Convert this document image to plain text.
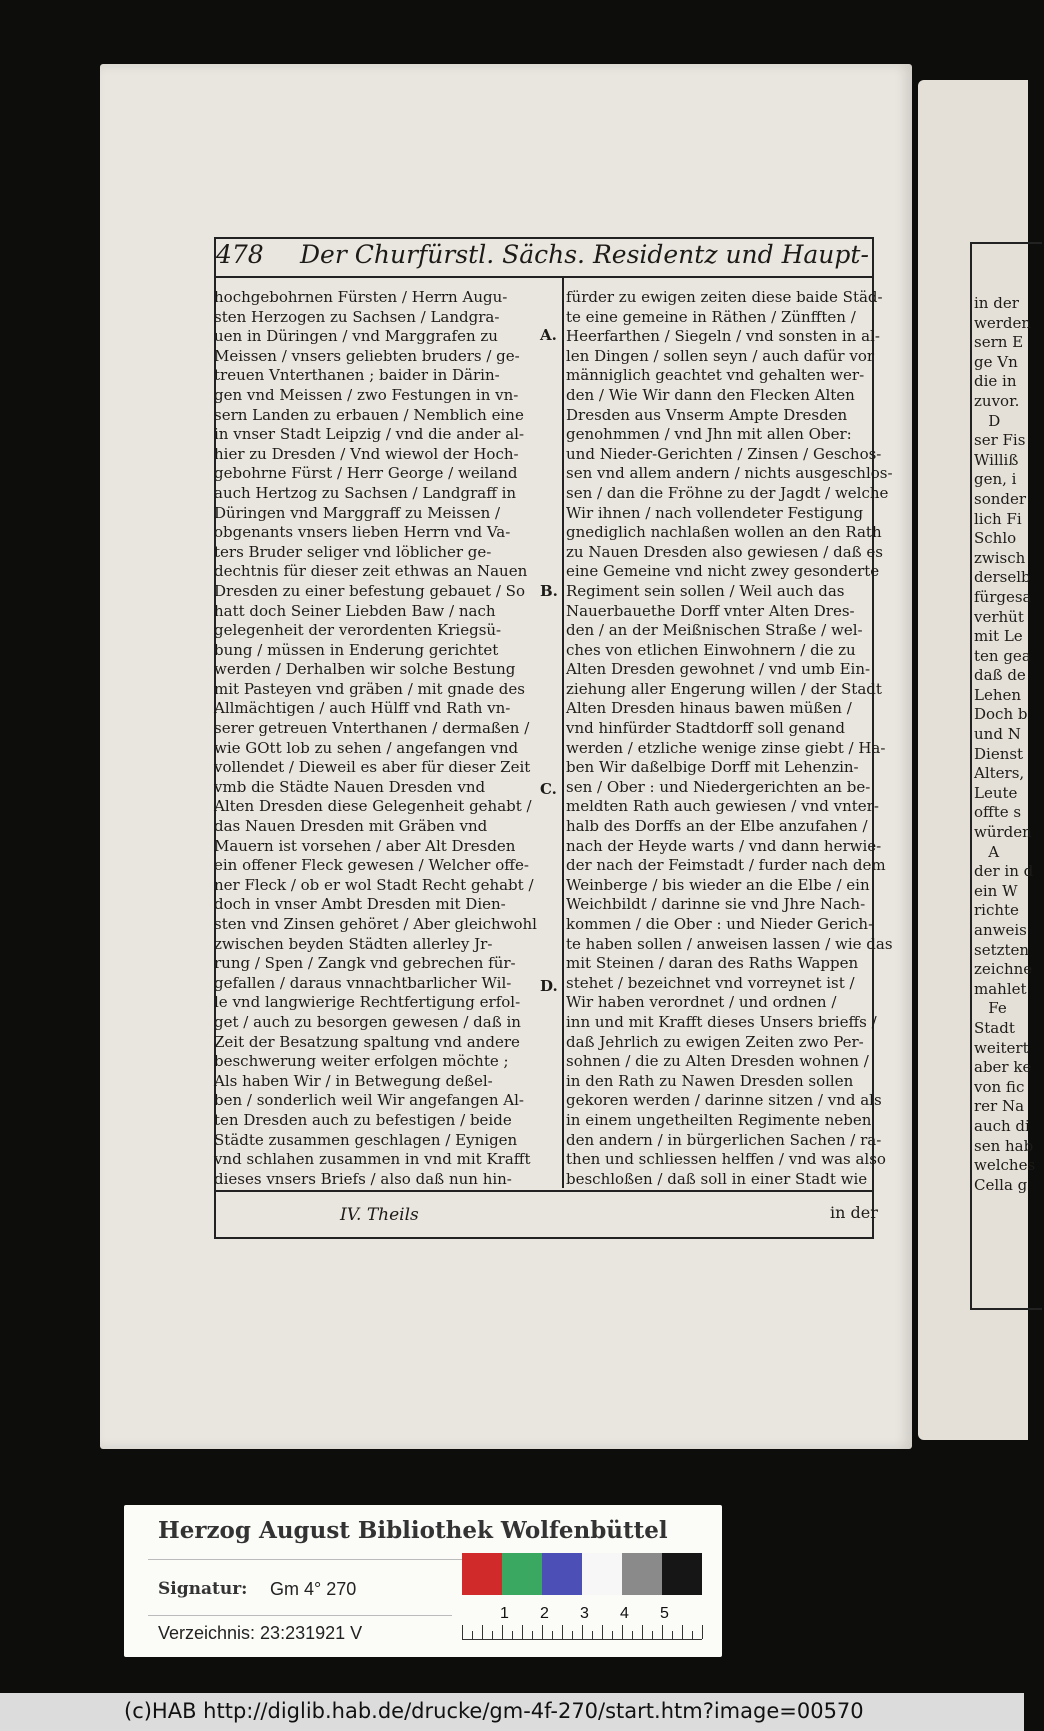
in der
werden
sern E
ge Vn
die in
zuvor.
D
ser Fis
Williß
gen, i
sonder
lich Fi
Schlo
zwisch
derselb
fürgesa
verhüt
mit Le
ten gea
daß de
Lehen
Doch b
und N
Dienst
Alters,
Leute
offte s
würden
A
der in d
ein W
richte
anweis
setzten
zeichne
mahlet
Fe
Stadt
weitert
aber ke
von fic
rer Na
auch di
sen hab
welches
Cella g
478 Der Churfürstl. Sächs. Residentz und Haupt-
hochgebohrnen Fürsten / Herrn Augu-
sten Herzogen zu Sachsen / Landgra-
uen in Düringen / vnd Marggrafen zu
Meissen / vnsers geliebten bruders / ge-
treuen Vnterthanen ; baider in Därin-
gen vnd Meissen / zwo Festungen in vn-
sern Landen zu erbauen / Nemblich eine
in vnser Stadt Leipzig / vnd die ander al-
hier zu Dresden / Vnd wiewol der Hoch-
gebohrne Fürst / Herr George / weiland
auch Hertzog zu Sachsen / Landgraff in
Düringen vnd Marggraff zu Meissen /
obgenants vnsers lieben Herrn vnd Va-
ters Bruder seliger vnd löblicher ge-
dechtnis für dieser zeit ethwas an Nauen
Dresden zu einer befestung gebauet / So
hatt doch Seiner Liebden Baw / nach
gelegenheit der verordenten Kriegsü-
bung / müssen in Enderung gerichtet
werden / Derhalben wir solche Bestung
mit Pasteyen vnd gräben / mit gnade des
Allmächtigen / auch Hülff vnd Rath vn-
serer getreuen Vnterthanen / dermaßen /
wie GOtt lob zu sehen / angefangen vnd
vollendet / Dieweil es aber für dieser Zeit
vmb die Städte Nauen Dresden vnd
Alten Dresden diese Gelegenheit gehabt /
das Nauen Dresden mit Gräben vnd
Mauern ist vorsehen / aber Alt Dresden
ein offener Fleck gewesen / Welcher offe-
ner Fleck / ob er wol Stadt Recht gehabt /
doch in vnser Ambt Dresden mit Dien-
sten vnd Zinsen gehöret / Aber gleichwohl
zwischen beyden Städten allerley Jr-
rung / Spen / Zangk vnd gebrechen für-
gefallen / daraus vnnachtbarlicher Wil-
le vnd langwierige Rechtfertigung erfol-
get / auch zu besorgen gewesen / daß in
Zeit der Besatzung spaltung vnd andere
beschwerung weiter erfolgen möchte ;
Als haben Wir / in Betwegung deßel-
ben / sonderlich weil Wir angefangen Al-
ten Dresden auch zu befestigen / beide
Städte zusammen geschlagen / Eynigen
vnd schlahen zusammen in vnd mit Krafft
dieses vnsers Briefs / also daß nun hin-
fürder zu ewigen zeiten diese baide Städ-
te eine gemeine in Räthen / Zünfften /
Heerfarthen / Siegeln / vnd sonsten in al-
len Dingen / sollen seyn / auch dafür vor
männiglich geachtet vnd gehalten wer-
den / Wie Wir dann den Flecken Alten
Dresden aus Vnserm Ampte Dresden
genohmmen / vnd Jhn mit allen Ober:
und Nieder-Gerichten / Zinsen / Geschos-
sen vnd allem andern / nichts ausgeschlos-
sen / dan die Fröhne zu der Jagdt / welche
Wir ihnen / nach vollendeter Festigung
gnediglich nachlaßen wollen an den Rath
zu Nauen Dresden also gewiesen / daß es
eine Gemeine vnd nicht zwey gesonderte
Regiment sein sollen / Weil auch das
Nauerbauethe Dorff vnter Alten Dres-
den / an der Meißnischen Straße / wel-
ches von etlichen Einwohnern / die zu
Alten Dresden gewohnet / vnd umb Ein-
ziehung aller Engerung willen / der Stadt
Alten Dresden hinaus bawen müßen /
vnd hinfürder Stadtdorff soll genand
werden / etzliche wenige zinse giebt / Ha-
ben Wir daßelbige Dorff mit Lehenzin-
sen / Ober : und Niedergerichten an be-
meldten Rath auch gewiesen / vnd vnter-
halb des Dorffs an der Elbe anzufahen /
nach der Heyde warts / vnd dann herwie-
der nach der Feimstadt / furder nach dem
Weinberge / bis wieder an die Elbe / ein
Weichbildt / darinne sie vnd Jhre Nach-
kommen / die Ober : und Nieder Gerich-
te haben sollen / anweisen lassen / wie das
mit Steinen / daran des Raths Wappen
stehet / bezeichnet vnd vorreynet ist /
Wir haben verordnet / und ordnen /
inn und mit Krafft dieses Unsers brieffs /
daß Jehrlich zu ewigen Zeiten zwo Per-
sohnen / die zu Alten Dresden wohnen /
in den Rath zu Nawen Dresden sollen
gekoren werden / darinne sitzen / vnd als
in einem ungetheilten Regimente neben
den andern / in bürgerlichen Sachen / ra-
then und schliessen helffen / vnd was also
beschloßen / daß soll in einer Stadt wie
A.
B.
C.
D.
IV. Theils	in der
Herzog August Bibliothek Wolfenbüttel
Signatur: Gm 4° 270
Verzeichnis: 23:231921 V
1 2 3 4 5
(c)HAB http://diglib.hab.de/drucke/gm-4f-270/start.htm?image=00570
